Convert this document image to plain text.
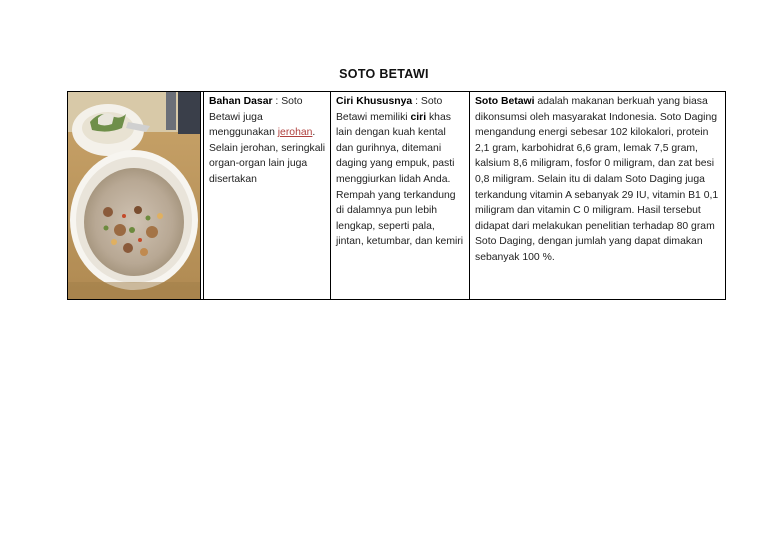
SOTO BETAWI
		Bahan Dasar : Soto Betawi juga menggunakan jerohan. Selain jerohan, seringkali organ-organ lain juga disertakan	Ciri Khususnya : Soto Betawi memiliki ciri khas lain dengan kuah kental dan gurihnya, ditemani daging yang empuk, pasti menggiurkan lidah Anda. Rempah yang terkandung di dalamnya pun lebih lengkap, seperti pala, jintan, ketumbar, dan kemiri	Soto Betawi adalah makanan berkuah yang biasa dikonsumsi oleh masyarakat Indonesia. Soto Daging mengandung energi sebesar 102 kilokalori, protein 2,1 gram, karbohidrat 6,6 gram, lemak 7,5 gram, kalsium 8,6 miligram, fosfor 0 miligram, dan zat besi 0,8 miligram. Selain itu di dalam Soto Daging juga terkandung vitamin A sebanyak 29 IU, vitamin B1 0,1 miligram dan vitamin C 0 miligram. Hasil tersebut didapat dari melakukan penelitian terhadap 80 gram Soto Daging, dengan jumlah yang dapat dimakan sebanyak 100 %.
